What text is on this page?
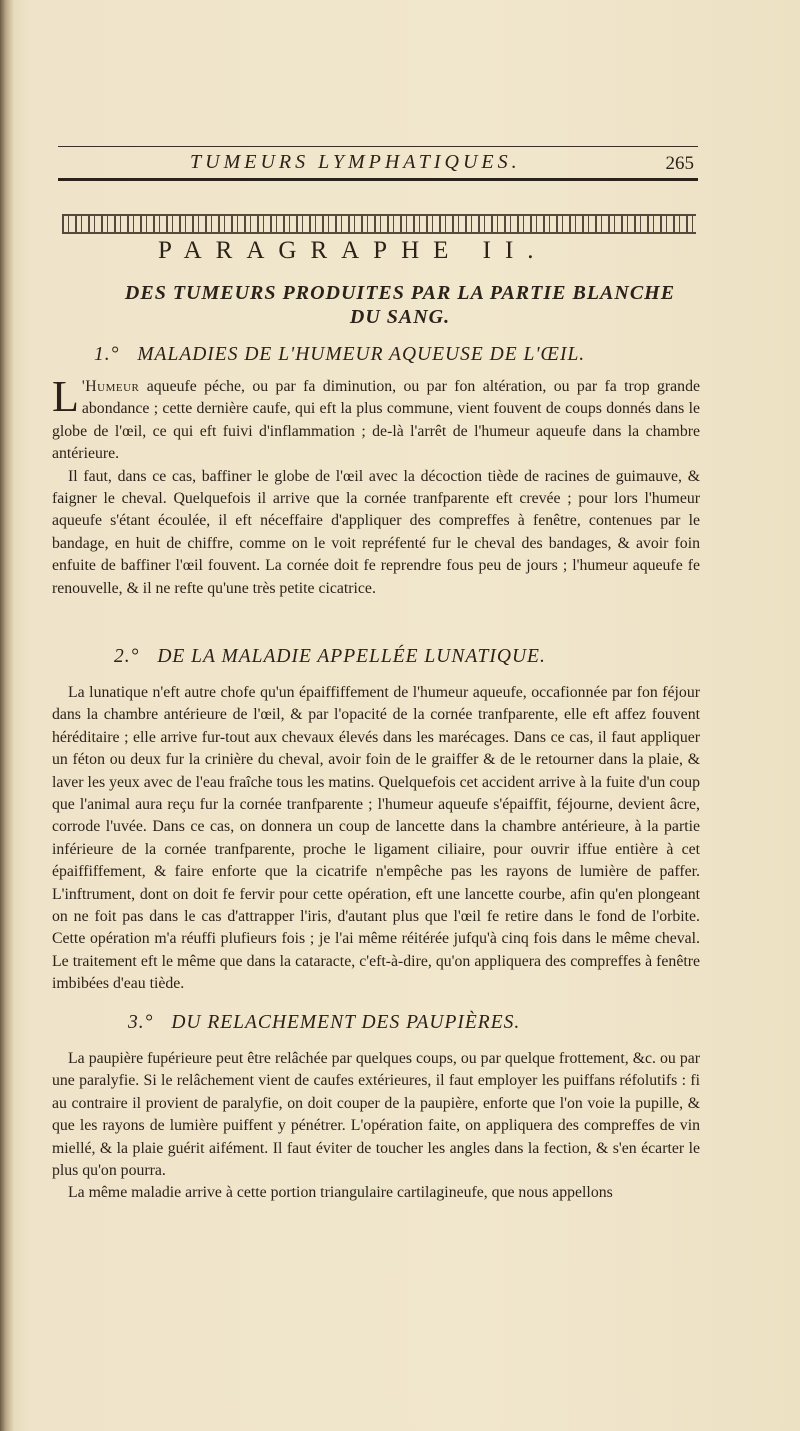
TUMEURS LYMPHATIQUES.	265
PARAGRAPHE II.
DES TUMEURS PRODUITES PAR LA PARTIE BLANCHE
DU SANG.
1.° MALADIES DE L'HUMEUR AQUEUSE DE L'ŒIL.

L 'Humeur aqueufe péche, ou par fa diminution, ou par fon altération, ou par fa trop grande abondance ; cette dernière caufe, qui eft la plus commune, vient fouvent de coups donnés dans le globe de l'œil, ce qui eft fuivi d'inflammation ; de-là l'arrêt de l'humeur aqueufe dans la chambre antérieure.

Il faut, dans ce cas, baffiner le globe de l'œil avec la décoction tiède de racines de guimauve, & faigner le cheval. Quelquefois il arrive que la cornée tranfparente eft crevée ; pour lors l'humeur aqueufe s'étant écoulée, il eft néceffaire d'appliquer des compreffes à fenêtre, contenues par le bandage, en huit de chiffre, comme on le voit repréfenté fur le cheval des bandages, & avoir foin enfuite de baffiner l'œil fouvent. La cornée doit fe reprendre fous peu de jours ; l'humeur aqueufe fe renouvelle, & il ne refte qu'une très petite cicatrice.

2.° DE LA MALADIE APPELLÉE LUNATIQUE.

La lunatique n'eft autre chofe qu'un épaiffiffement de l'humeur aqueufe, occafionnée par fon féjour dans la chambre antérieure de l'œil, & par l'opacité de la cornée tranfparente, elle eft affez fouvent héréditaire ; elle arrive fur-tout aux chevaux élevés dans les marécages. Dans ce cas, il faut appliquer un féton ou deux fur la crinière du cheval, avoir foin de le graiffer & de le retourner dans la plaie, & laver les yeux avec de l'eau fraîche tous les matins. Quelquefois cet accident arrive à la fuite d'un coup que l'animal aura reçu fur la cornée tranfparente ; l'humeur aqueufe s'épaiffit, féjourne, devient âcre, corrode l'uvée. Dans ce cas, on donnera un coup de lancette dans la chambre antérieure, à la partie inférieure de la cornée tranfparente, proche le ligament ciliaire, pour ouvrir iffue entière à cet épaiffiffement, & faire enforte que la cicatrife n'empêche pas les rayons de lumière de paffer. L'inftrument, dont on doit fe fervir pour cette opération, eft une lancette courbe, afin qu'en plongeant on ne foit pas dans le cas d'attrapper l'iris, d'autant plus que l'œil fe retire dans le fond de l'orbite. Cette opération m'a réuffi plufieurs fois ; je l'ai même réitérée jufqu'à cinq fois dans le même cheval. Le traitement eft le même que dans la cataracte, c'eft-à-dire, qu'on appliquera des compreffes à fenêtre imbibées d'eau tiède.

3.° DU RELACHEMENT DES PAUPIÈRES.

La paupière fupérieure peut être relâchée par quelques coups, ou par quelque frottement, &c. ou par une paralyfie. Si le relâchement vient de caufes extérieures, il faut employer les puiffans réfolutifs : fi au contraire il provient de paralyfie, on doit couper de la paupière, enforte que l'on voie la pupille, & que les rayons de lumière puiffent y pénétrer. L'opération faite, on appliquera des compreffes de vin miellé, & la plaie guérit aifément. Il faut éviter de toucher les angles dans la fection, & s'en écarter le plus qu'on pourra.

La même maladie arrive à cette portion triangulaire cartilagineufe, que nous appellons
